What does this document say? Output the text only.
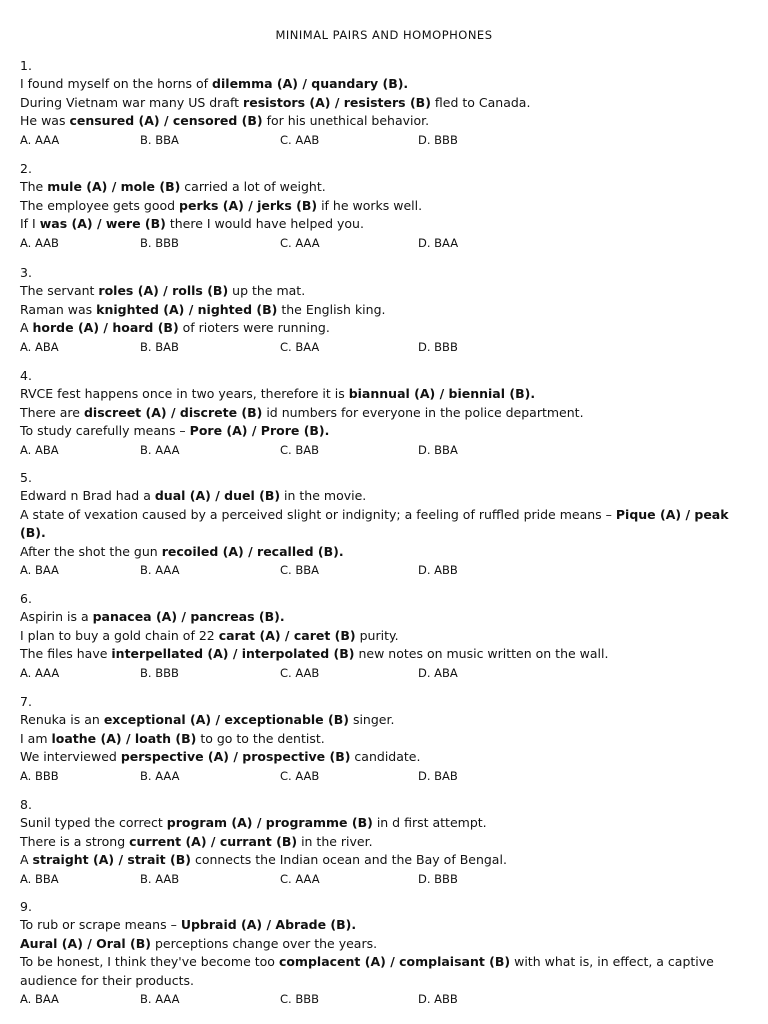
MINIMAL PAIRS AND HOMOPHONES
1.
I found myself on the horns of dilemma (A) / quandary (B).
During Vietnam war many US draft resistors (A) / resisters (B) fled to Canada.
He was censured (A) / censored (B) for his unethical behavior.
A. AAA	B. BBA	C. AAB	D. BBB
2.
The mule (A) / mole (B) carried a lot of weight.
The employee gets good perks (A) / jerks (B) if he works well.
If I was (A) / were (B) there I would have helped you.
A. AAB	B. BBB	C. AAA	D. BAA
3.
The servant roles (A) / rolls (B) up the mat.
Raman was knighted (A) / nighted (B) the English king.
A horde (A) / hoard (B) of rioters were running.
A. ABA	B. BAB	C. BAA	D. BBB
4.
RVCE fest happens once in two years, therefore it is biannual (A) / biennial (B).
There are discreet (A) / discrete (B) id numbers for everyone in the police department.
To study carefully means – Pore (A) / Prore (B).
A. ABA	B. AAA	C. BAB	D. BBA
5.
Edward n Brad had a dual (A) / duel (B) in the movie.
A state of vexation caused by a perceived slight or indignity; a feeling of ruffled pride means – Pique (A) / peak (B).
After the shot the gun recoiled (A) / recalled (B).
A. BAA	B. AAA	C. BBA	D. ABB
6.
Aspirin is a panacea (A) / pancreas (B).
I plan to buy a gold chain of 22 carat (A) / caret (B) purity.
The files have interpellated (A) / interpolated (B) new notes on music written on the wall.
A. AAA	B. BBB	C. AAB	D. ABA
7.
Renuka is an exceptional (A) / exceptionable (B) singer.
I am loathe (A) / loath (B) to go to the dentist.
We interviewed perspective (A) / prospective (B) candidate.
A. BBB	B. AAA	C. AAB	D. BAB
8.
Sunil typed the correct program (A) / programme (B) in d first attempt.
There is a strong current (A) / currant (B) in the river.
A straight (A) / strait (B) connects the Indian ocean and the Bay of Bengal.
A. BBA	B. AAB	C. AAA	D. BBB
9.
To rub or scrape means – Upbraid (A) / Abrade (B).
Aural (A) / Oral (B) perceptions change over the years.
To be honest, I think they've become too complacent (A) / complaisant (B) with what is, in effect, a captive audience for their products.
A. BAA	B. AAA	C. BBB	D. ABB
